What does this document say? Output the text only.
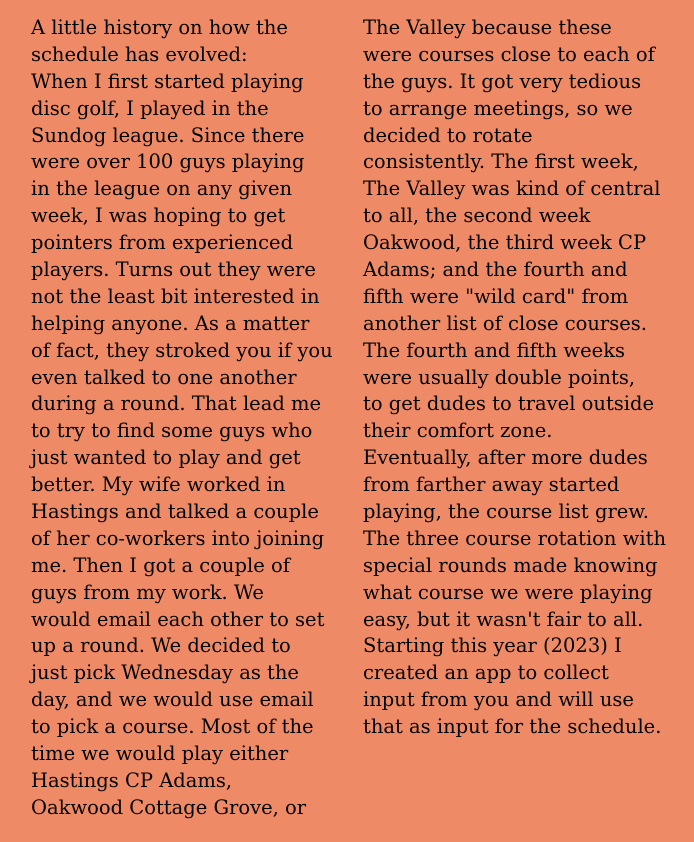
A little history on how the
schedule has evolved:
When I first started playing
disc golf, I played in the
Sundog league. Since there
were over 100 guys playing
in the league on any given
week, I was hoping to get
pointers from experienced
players. Turns out they were
not the least bit interested in
helping anyone. As a matter
of fact, they stroked you if you
even talked to one another
during a round. That lead me
to try to find some guys who
just wanted to play and get
better. My wife worked in
Hastings and talked a couple
of her co-workers into joining
me. Then I got a couple of
guys from my work. We
would email each other to set
up a round. We decided to
just pick Wednesday as the
day, and we would use email
to pick a course. Most of the
time we would play either
Hastings CP Adams,
Oakwood Cottage Grove, or
The Valley because these
were courses close to each of
the guys. It got very tedious
to arrange meetings, so we
decided to rotate
consistently. The first week,
The Valley was kind of central
to all, the second week
Oakwood, the third week CP
Adams; and the fourth and
fifth were "wild card" from
another list of close courses.
The fourth and fifth weeks
were usually double points,
to get dudes to travel outside
their comfort zone.
Eventually, after more dudes
from farther away started
playing, the course list grew.
The three course rotation with
special rounds made knowing
what course we were playing
easy, but it wasn't fair to all.
Starting this year (2023) I
created an app to collect
input from you and will use
that as input for the schedule.
